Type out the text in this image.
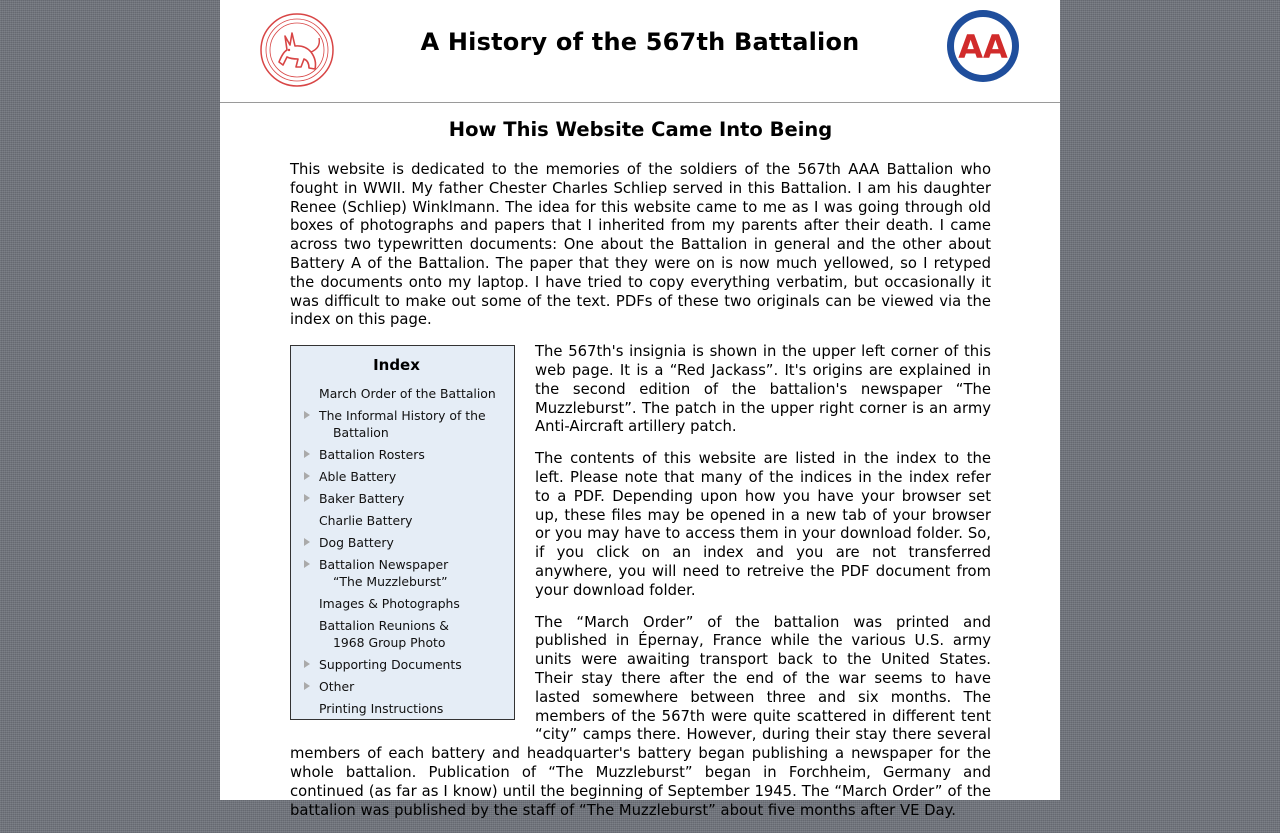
A History of the 567th Battalion	AA
How This Website Came Into Being

This website is dedicated to the memories of the soldiers of the 567th AAA Battalion who fought in WWII. My father Chester Charles Schliep served in this Battalion. I am his daughter Renee (Schliep) Winklmann. The idea for this website came to me as I was going through old boxes of photographs and papers that I inherited from my parents after their death. I came across two typewritten documents: One about the Battalion in general and the other about Battery A of the Battalion. The paper that they were on is now much yellowed, so I retyped the documents onto my laptop. I have tried to copy everything verbatim, but occasionally it was difficult to make out some of the text. PDFs of these two originals can be viewed via the index on this page.

Index
March Order of the Battalion
The Informal History of the
Battalion
Battalion Rosters
Able Battery
Baker Battery
Charlie Battery
Dog Battery
Battalion Newspaper
“The Muzzleburst”
Images & Photographs
Battalion Reunions &
1968 Group Photo
Supporting Documents
Other
Printing Instructions

The 567th's insignia is shown in the upper left corner of this web page. It is a “Red Jackass”. It's origins are explained in the second edition of the battalion's newspaper “The Muzzleburst”. The patch in the upper right corner is an army Anti-Aircraft artillery patch.

The contents of this website are listed in the index to the left. Please note that many of the indices in the index refer to a PDF. Depending upon how you have your browser set up, these files may be opened in a new tab of your browser or you may have to access them in your download folder. So, if you click on an index and you are not transferred anywhere, you will need to retreive the PDF document from your download folder.

The “March Order” of the battalion was printed and published in Épernay, France while the various U.S. army units were awaiting transport back to the United States. Their stay there after the end of the war seems to have lasted somewhere between three and six months. The members of the 567th were quite scattered in different tent “city” camps there. However, during their stay there several members of each battery and headquarter's battery began publishing a newspaper for the whole battalion. Publication of “The Muzzleburst” began in Forchheim, Germany and continued (as far as I know) until the beginning of September 1945. The “March Order” of the battalion was published by the staff of “The Muzzleburst” about five months after VE Day.
